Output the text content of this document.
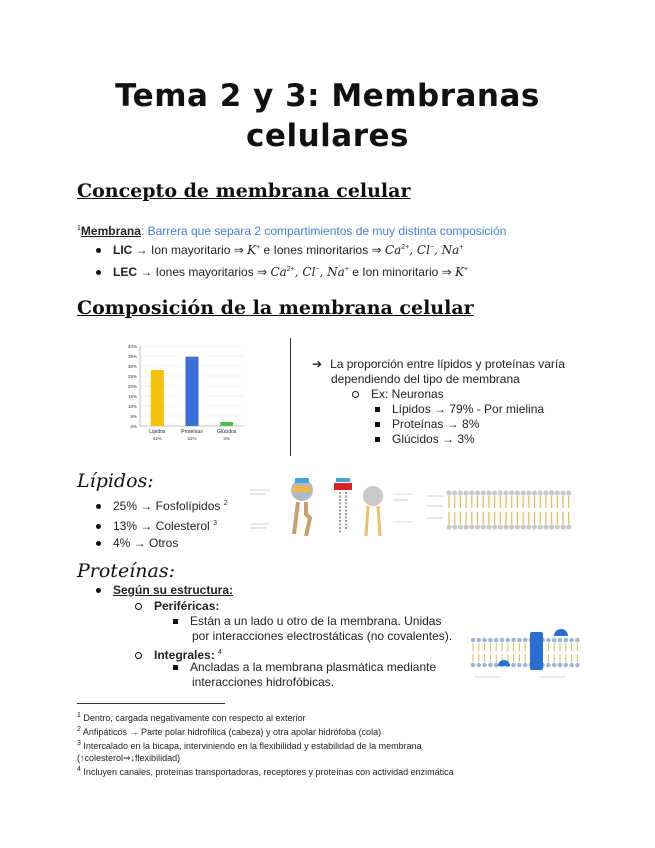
Tema 2 y 3: Membranas
celulares
Concepto de membrana celular
$^1$Membrana: Barrera que separa 2 compartimientos de muy distinta composición
LIC → Ion mayoritario ⇒ K+ e Iones minoritarios ⇒ $Ca^{2+}$, Cl−, Na+
LEC → Iones mayoritarios ⇒ $Ca^{2+}$, Cl−, Na+ e Ion minoritario ⇒ K+
Composición de la membrana celular
40%
35%
30%
25%
20%
15%
10%
5%
0%
Lípidos
42%
Proteínas
52%
Glúcidos
3%
➔ La proporción entre lípidos y proteínas varía
dependiendo del tipo de membrana
Ex: Neuronas
Lípidos → 79% - Por mielina
Proteínas → 8%
Glúcidos → 3%
Lípidos:
25% → Fosfolípidos $^2$
13% → Colesterol $^3$
4% → Otros
Proteínas:
Según su estructura:
Periféricas:
Están a un lado u otro de la membrana. Unidas
por interacciones electrostáticas (no covalentes).
Integrales: $^4$
Ancladas a la membrana plasmática mediante
interacciones hidrofóbicas.
$^1$ Dentro, cargada negativamente con respecto al exterior
$^2$ Anfipáticos → Parte polar hidrofílica (cabeza) y otra apolar hidrófoba (cola)
$^3$ Intercalado en la bicapa, interviniendo en la flexibilidad y estabilidad de la membrana
(↑colesterol⇒↓flexibilidad)
$^4$ Incluyen canales, proteínas transportadoras, receptores y proteínas con actividad enzimática
